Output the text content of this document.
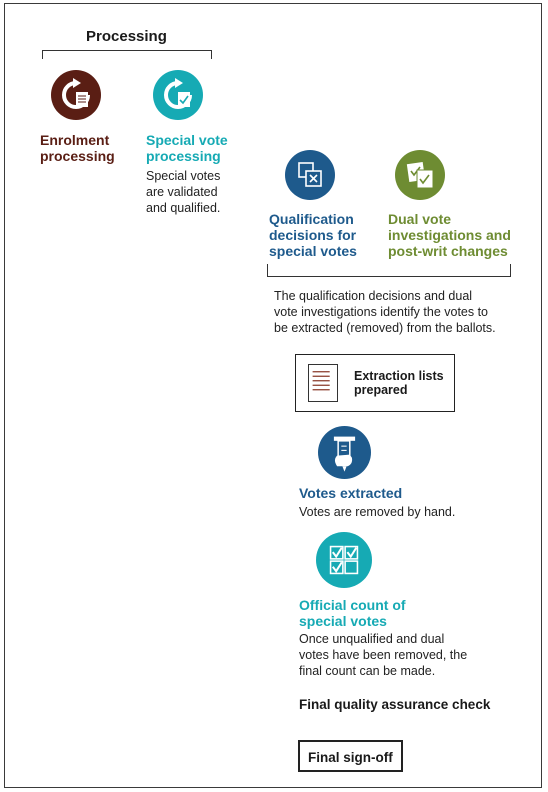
Processing
Enrolment
processing
Special vote
processing
Special votes
are validated
and qualified.
Qualification
decisions for
special votes
Dual vote
investigations and
post-writ changes
The qualification decisions and dual
vote investigations identify the votes to
be extracted (removed) from the ballots.
Extraction lists
prepared
Votes extracted
Votes are removed by hand.
Official count of
special votes
Once unqualified and dual
votes have been removed, the
final count can be made.
Final quality assurance check
Final sign-off
